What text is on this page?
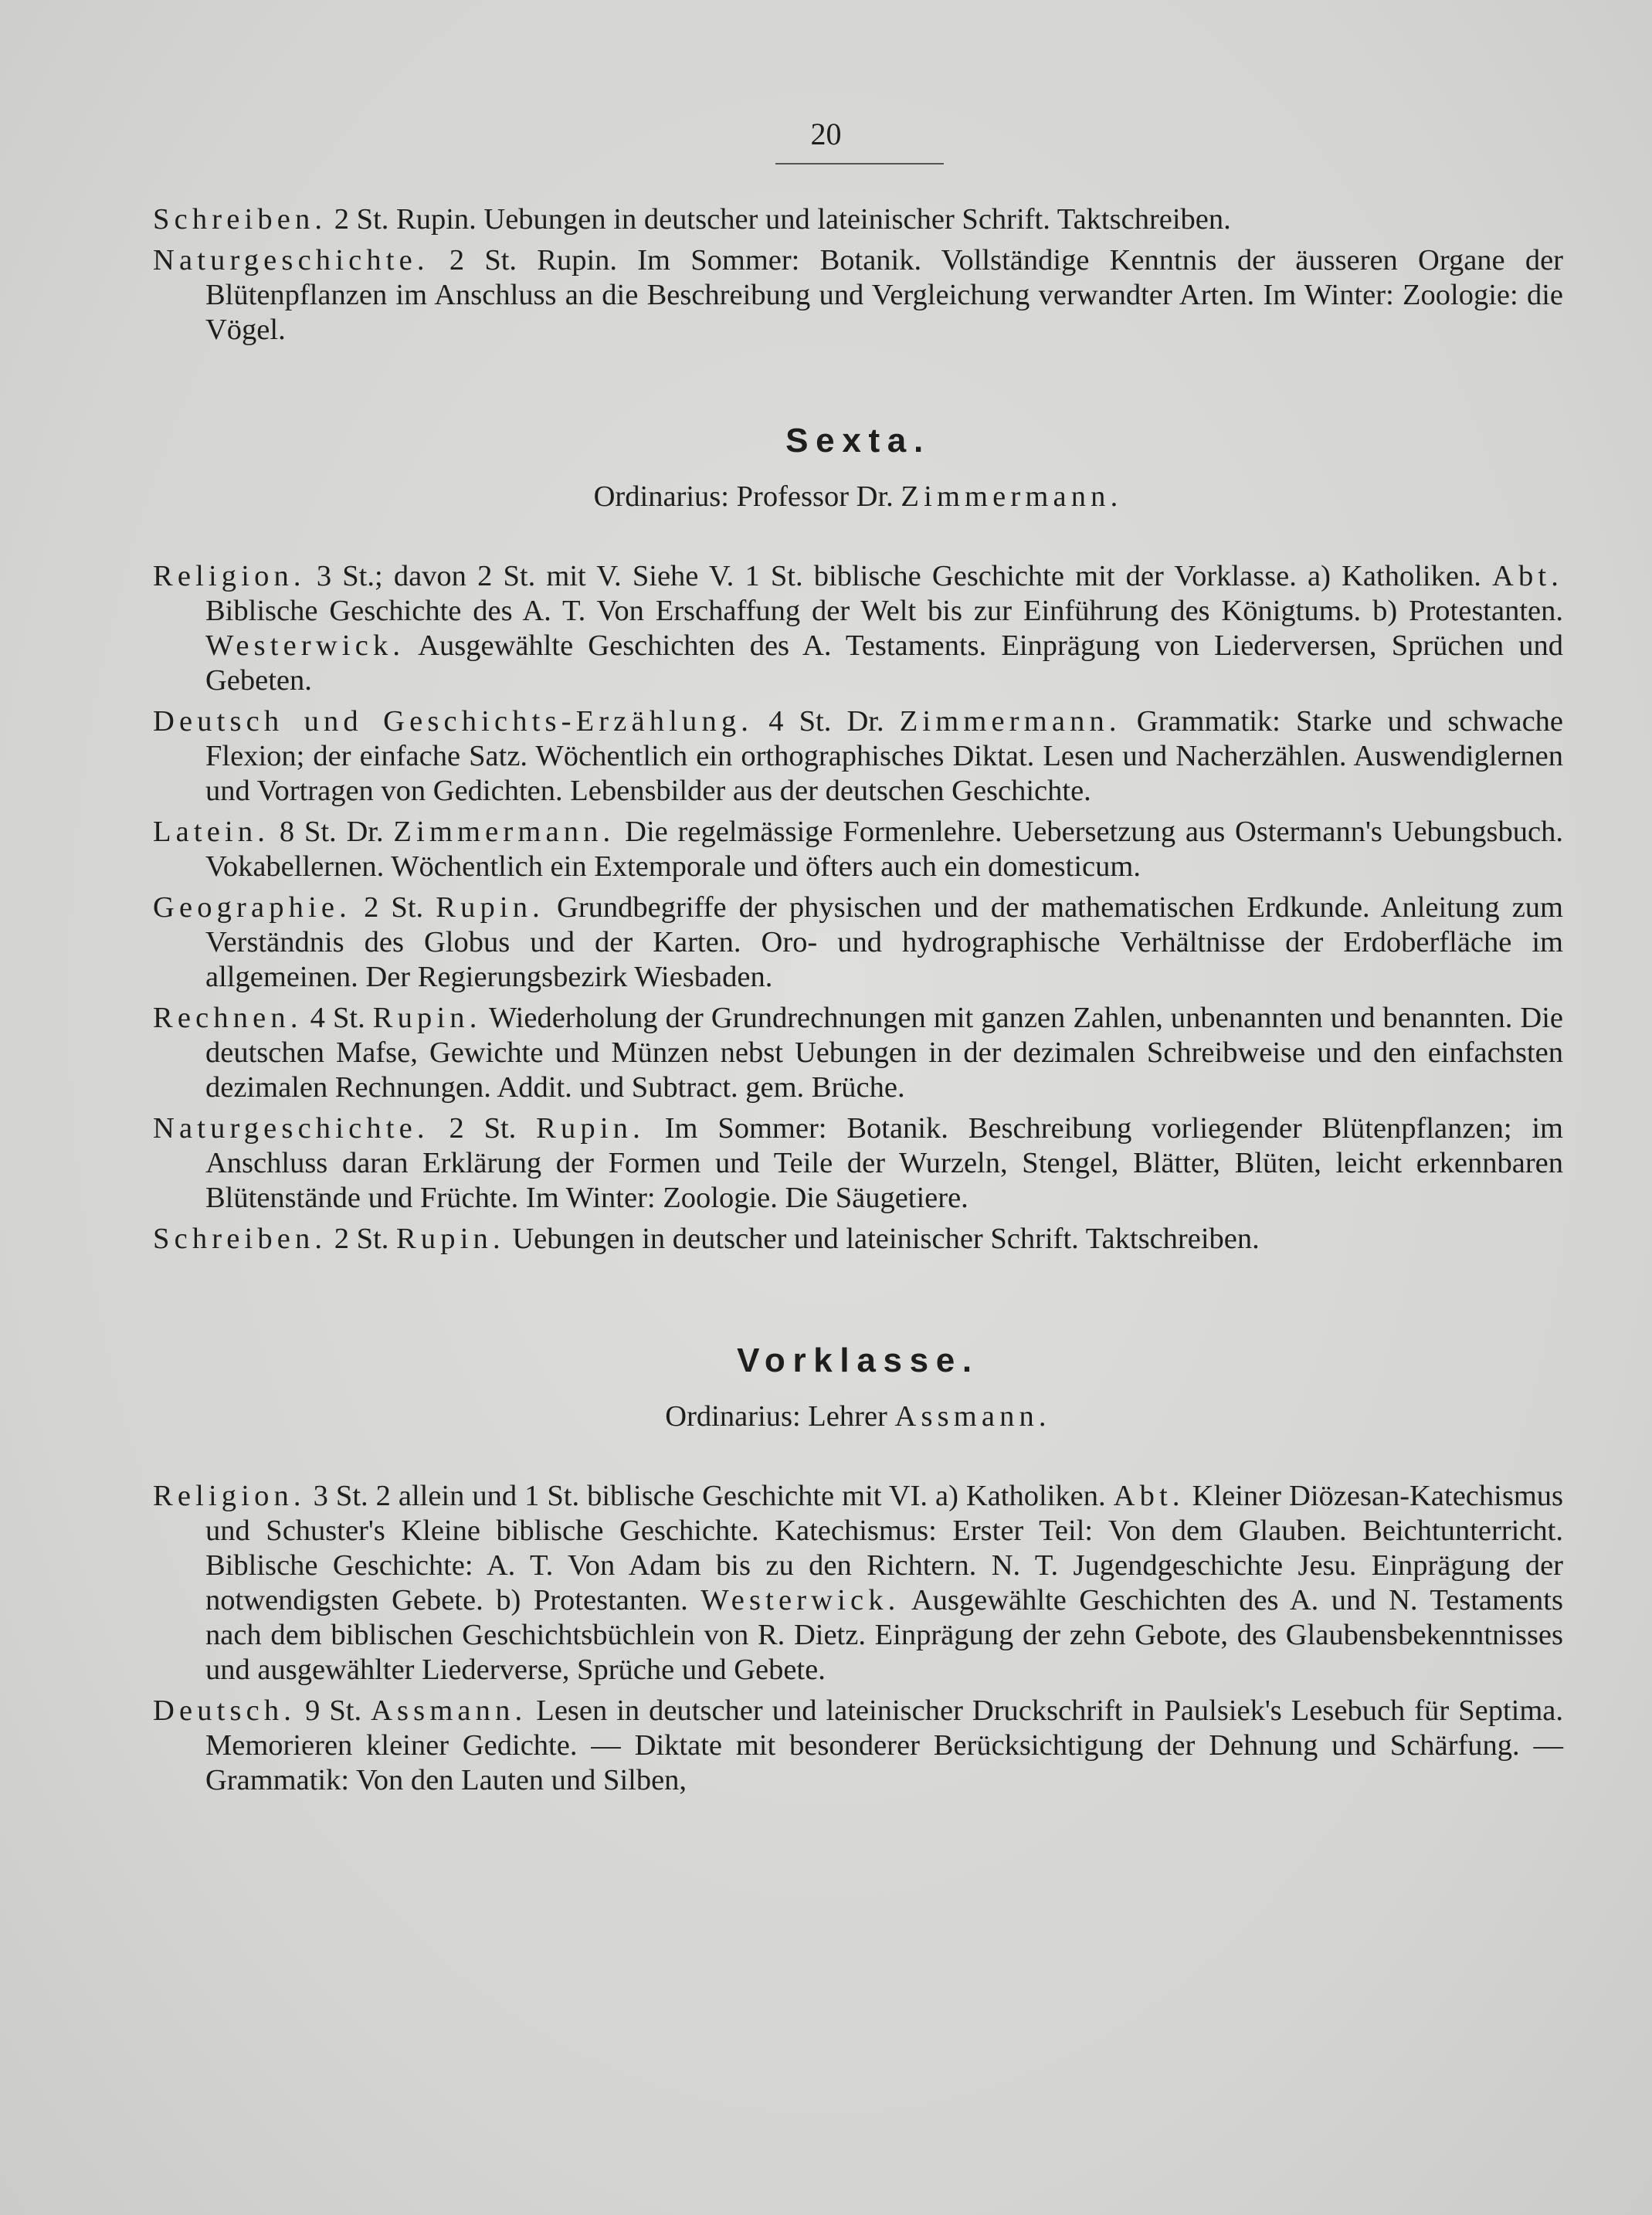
20

Schreiben. 2 St. Rupin. Uebungen in deutscher und lateinischer Schrift. Taktschreiben.

Naturgeschichte. 2 St. Rupin. Im Sommer: Botanik. Vollständige Kenntnis der äusseren Organe der Blütenpflanzen im Anschluss an die Beschreibung und Vergleichung verwandter Arten. Im Winter: Zoologie: die Vögel.

Sexta.
Ordinarius: Professor Dr. Zimmermann.

Religion. 3 St.; davon 2 St. mit V. Siehe V. 1 St. biblische Geschichte mit der Vorklasse. a) Katholiken. Abt. Biblische Geschichte des A. T. Von Erschaffung der Welt bis zur Einführung des Königtums. b) Protestanten. Westerwick. Ausgewählte Geschichten des A. Testaments. Einprägung von Liederversen, Sprüchen und Gebeten.

Deutsch und Geschichts-Erzählung. 4 St. Dr. Zimmermann. Grammatik: Starke und schwache Flexion; der einfache Satz. Wöchentlich ein orthographisches Diktat. Lesen und Nacherzählen. Auswendiglernen und Vortragen von Gedichten. Lebensbilder aus der deutschen Geschichte.

Latein. 8 St. Dr. Zimmermann. Die regelmässige Formenlehre. Uebersetzung aus Ostermann's Uebungsbuch. Vokabellernen. Wöchentlich ein Extemporale und öfters auch ein domesticum.

Geographie. 2 St. Rupin. Grundbegriffe der physischen und der mathematischen Erdkunde. Anleitung zum Verständnis des Globus und der Karten. Oro- und hydrographische Verhältnisse der Erdoberfläche im allgemeinen. Der Regierungsbezirk Wiesbaden.

Rechnen. 4 St. Rupin. Wiederholung der Grundrechnungen mit ganzen Zahlen, unbenannten und benannten. Die deutschen Mafse, Gewichte und Münzen nebst Uebungen in der dezimalen Schreibweise und den einfachsten dezimalen Rechnungen. Addit. und Subtract. gem. Brüche.

Naturgeschichte. 2 St. Rupin. Im Sommer: Botanik. Beschreibung vorliegender Blütenpflanzen; im Anschluss daran Erklärung der Formen und Teile der Wurzeln, Stengel, Blätter, Blüten, leicht erkennbaren Blütenstände und Früchte. Im Winter: Zoologie. Die Säugetiere.

Schreiben. 2 St. Rupin. Uebungen in deutscher und lateinischer Schrift. Taktschreiben.

Vorklasse.
Ordinarius: Lehrer Assmann.

Religion. 3 St. 2 allein und 1 St. biblische Geschichte mit VI. a) Katholiken. Abt. Kleiner Diözesan-Katechismus und Schuster's Kleine biblische Geschichte. Katechismus: Erster Teil: Von dem Glauben. Beichtunterricht. Biblische Geschichte: A. T. Von Adam bis zu den Richtern. N. T. Jugendgeschichte Jesu. Einprägung der notwendigsten Gebete. b) Protestanten. Westerwick. Ausgewählte Geschichten des A. und N. Testaments nach dem biblischen Geschichtsbüchlein von R. Dietz. Einprägung der zehn Gebote, des Glaubensbekenntnisses und ausgewählter Liederverse, Sprüche und Gebete.

Deutsch. 9 St. Assmann. Lesen in deutscher und lateinischer Druckschrift in Paulsiek's Lesebuch für Septima. Memorieren kleiner Gedichte. — Diktate mit besonderer Berücksichtigung der Dehnung und Schärfung. — Grammatik: Von den Lauten und Silben,
